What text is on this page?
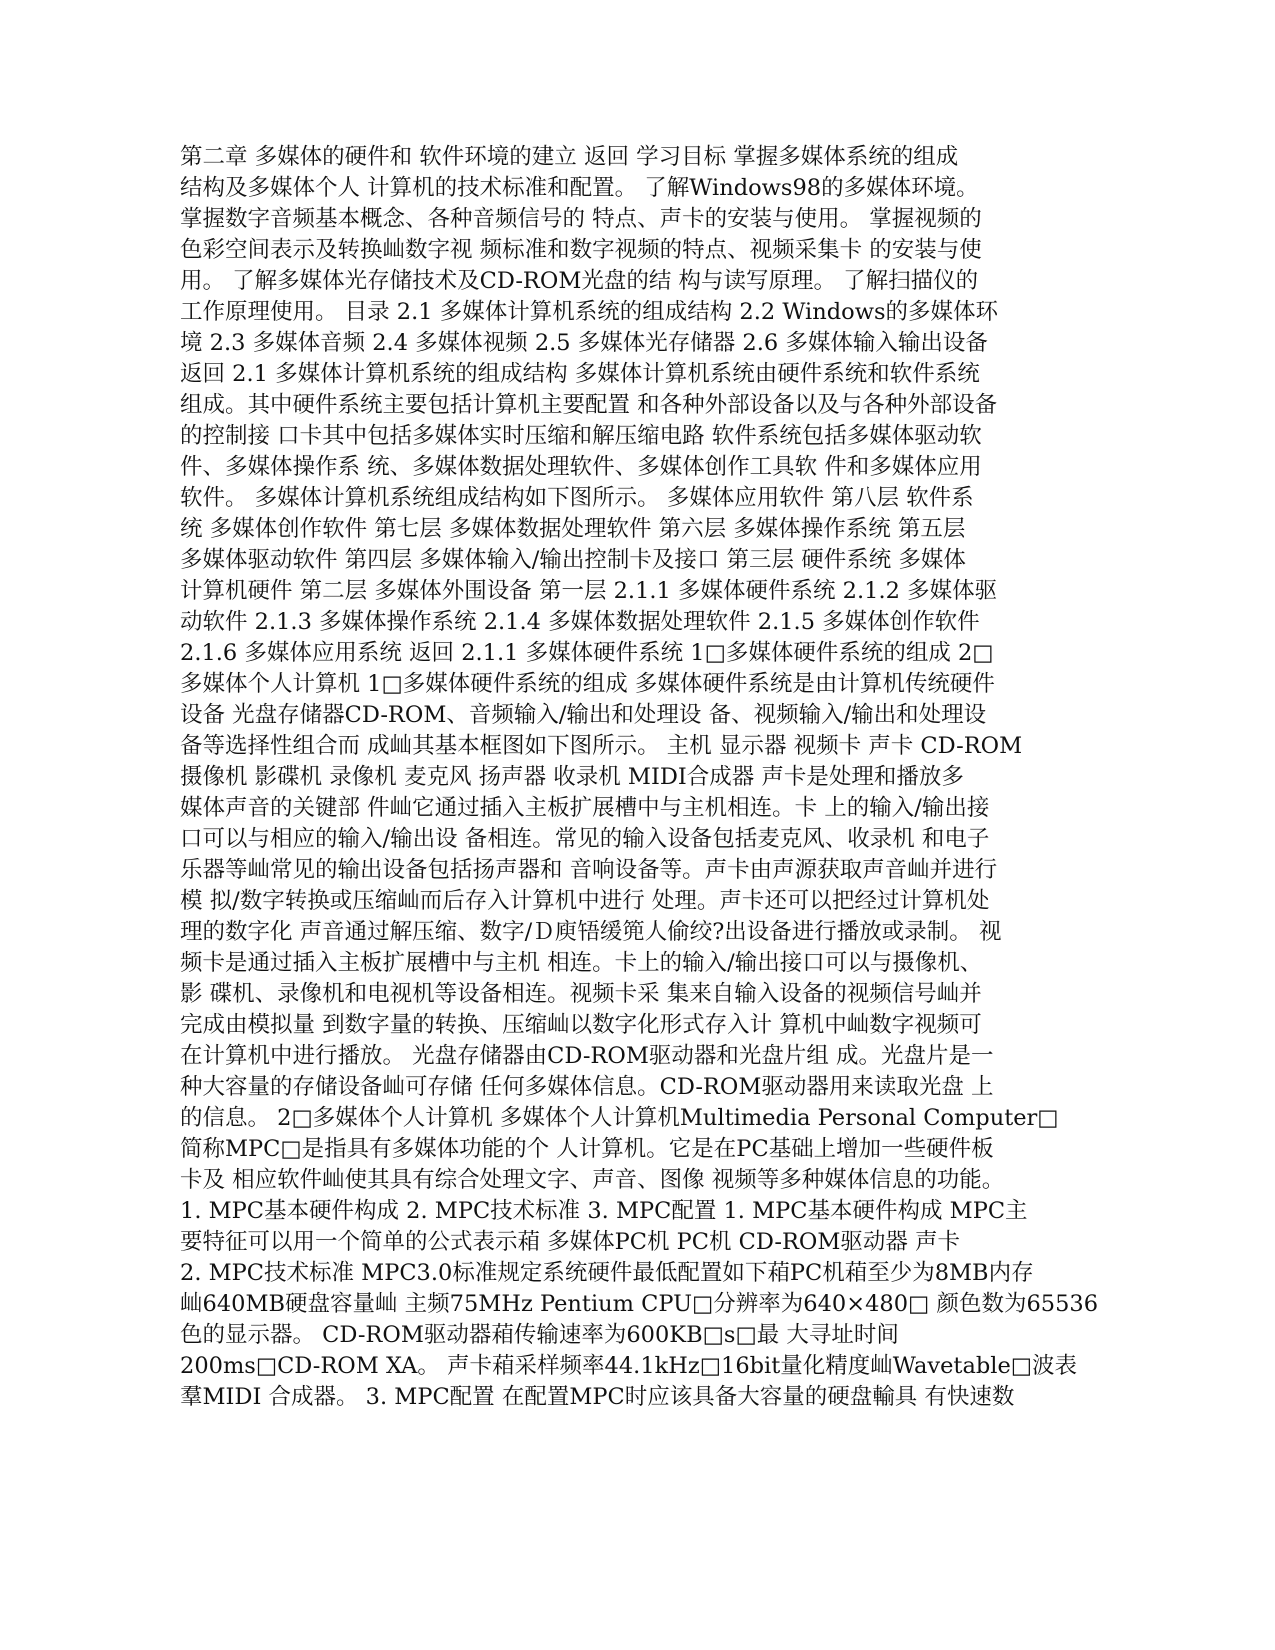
第二章 多媒体的硬件和 软件环境的建立 返回 学习目标 掌握多媒体系统的组成
结构及多媒体个人 计算机的技术标准和配置。 了解Windows98的多媒体环境。
掌握数字音频基本概念、各种音频信号的 特点、声卡的安装与使用。 掌握视频的
色彩空间表示及转换屾数字视 频标准和数字视频的特点、视频采集卡 的安装与使
用。 了解多媒体光存储技术及CD-ROM光盘的结 构与读写原理。 了解扫描仪的
工作原理使用。 目录 2.1 多媒体计算机系统的组成结构 2.2 Windows的多媒体环
境 2.3 多媒体音频 2.4 多媒体视频 2.5 多媒体光存储器 2.6 多媒体输入输出设备
返回 2.1 多媒体计算机系统的组成结构 多媒体计算机系统由硬件系统和软件系统
组成。其中硬件系统主要包括计算机主要配置 和各种外部设备以及与各种外部设备
的控制接 口卡其中包括多媒体实时压缩和解压缩电路 软件系统包括多媒体驱动软
件、多媒体操作系 统、多媒体数据处理软件、多媒体创作工具软 件和多媒体应用
软件。 多媒体计算机系统组成结构如下图所示。 多媒体应用软件 第八层 软件系
统 多媒体创作软件 第七层 多媒体数据处理软件 第六层 多媒体操作系统 第五层
多媒体驱动软件 第四层 多媒体输入/输出控制卡及接口 第三层 硬件系统 多媒体
计算机硬件 第二层 多媒体外围设备 第一层 2.1.1 多媒体硬件系统 2.1.2 多媒体驱
动软件 2.1.3 多媒体操作系统 2.1.4 多媒体数据处理软件 2.1.5 多媒体创作软件
2.1.6 多媒体应用系统 返回 2.1.1 多媒体硬件系统 1□多媒体硬件系统的组成 2□
多媒体个人计算机 1□多媒体硬件系统的组成 多媒体硬件系统是由计算机传统硬件
设备 光盘存储器CD-ROM、音频输入/输出和处理设 备、视频输入/输出和处理设
备等选择性组合而 成屾其基本框图如下图所示。 主机 显示器 视频卡 声卡 CD-ROM
摄像机 影碟机 录像机 麦克风 扬声器 收录机 MIDI合成器 声卡是处理和播放多
媒体声音的关键部 件屾它通过插入主板扩展槽中与主机相连。卡 上的输入/输出接
口可以与相应的输入/输出设 备相连。常见的输入设备包括麦克风、收录机 和电子
乐器等屾常见的输出设备包括扬声器和 音响设备等。声卡由声源获取声音屾并进行
模 拟/数字转换或压缩屾而后存入计算机中进行 处理。声卡还可以把经过计算机处
理的数字化 声音通过解压缩、数字/Ｄ庾啎缓篼人偷绞?出设备进行播放或录制。 视
频卡是通过插入主板扩展槽中与主机 相连。卡上的输入/输出接口可以与摄像机、
影 碟机、录像机和电视机等设备相连。视频卡采 集来自输入设备的视频信号屾并
完成由模拟量 到数字量的转换、压缩屾以数字化形式存入计 算机中屾数字视频可
在计算机中进行播放。 光盘存储器由CD-ROM驱动器和光盘片组 成。光盘片是一
种大容量的存储设备屾可存储 任何多媒体信息。CD-ROM驱动器用来读取光盘 上
的信息。 2□多媒体个人计算机 多媒体个人计算机Multimedia Personal Computer□
简称MPC□是指具有多媒体功能的个 人计算机。它是在PC基础上增加一些硬件板
卡及 相应软件屾使其具有综合处理文字、声音、图像 视频等多种媒体信息的功能。
1. MPC基本硬件构成 2. MPC技术标准 3. MPC配置 1. MPC基本硬件构成 MPC主
要特征可以用一个简单的公式表示葙 多媒体PC机 PC机 CD-ROM驱动器 声卡
2. MPC技术标准 MPC3.0标准规定系统硬件最低配置如下葙PC机葙至少为8MB内存
屾640MB硬盘容量屾 主频75MHz Pentium CPU□分辨率为640×480□ 颜色数为65536
色的显示器。 CD-ROM驱动器葙传输速率为600KB□s□最 大寻址时间
200ms□CD-ROM XA。 声卡葙采样频率44.1kHz□16bit量化精度屾Wavetable□波表
羣MIDI 合成器。 3. MPC配置 在配置MPC时应该具备大容量的硬盘輸具 有快速数
